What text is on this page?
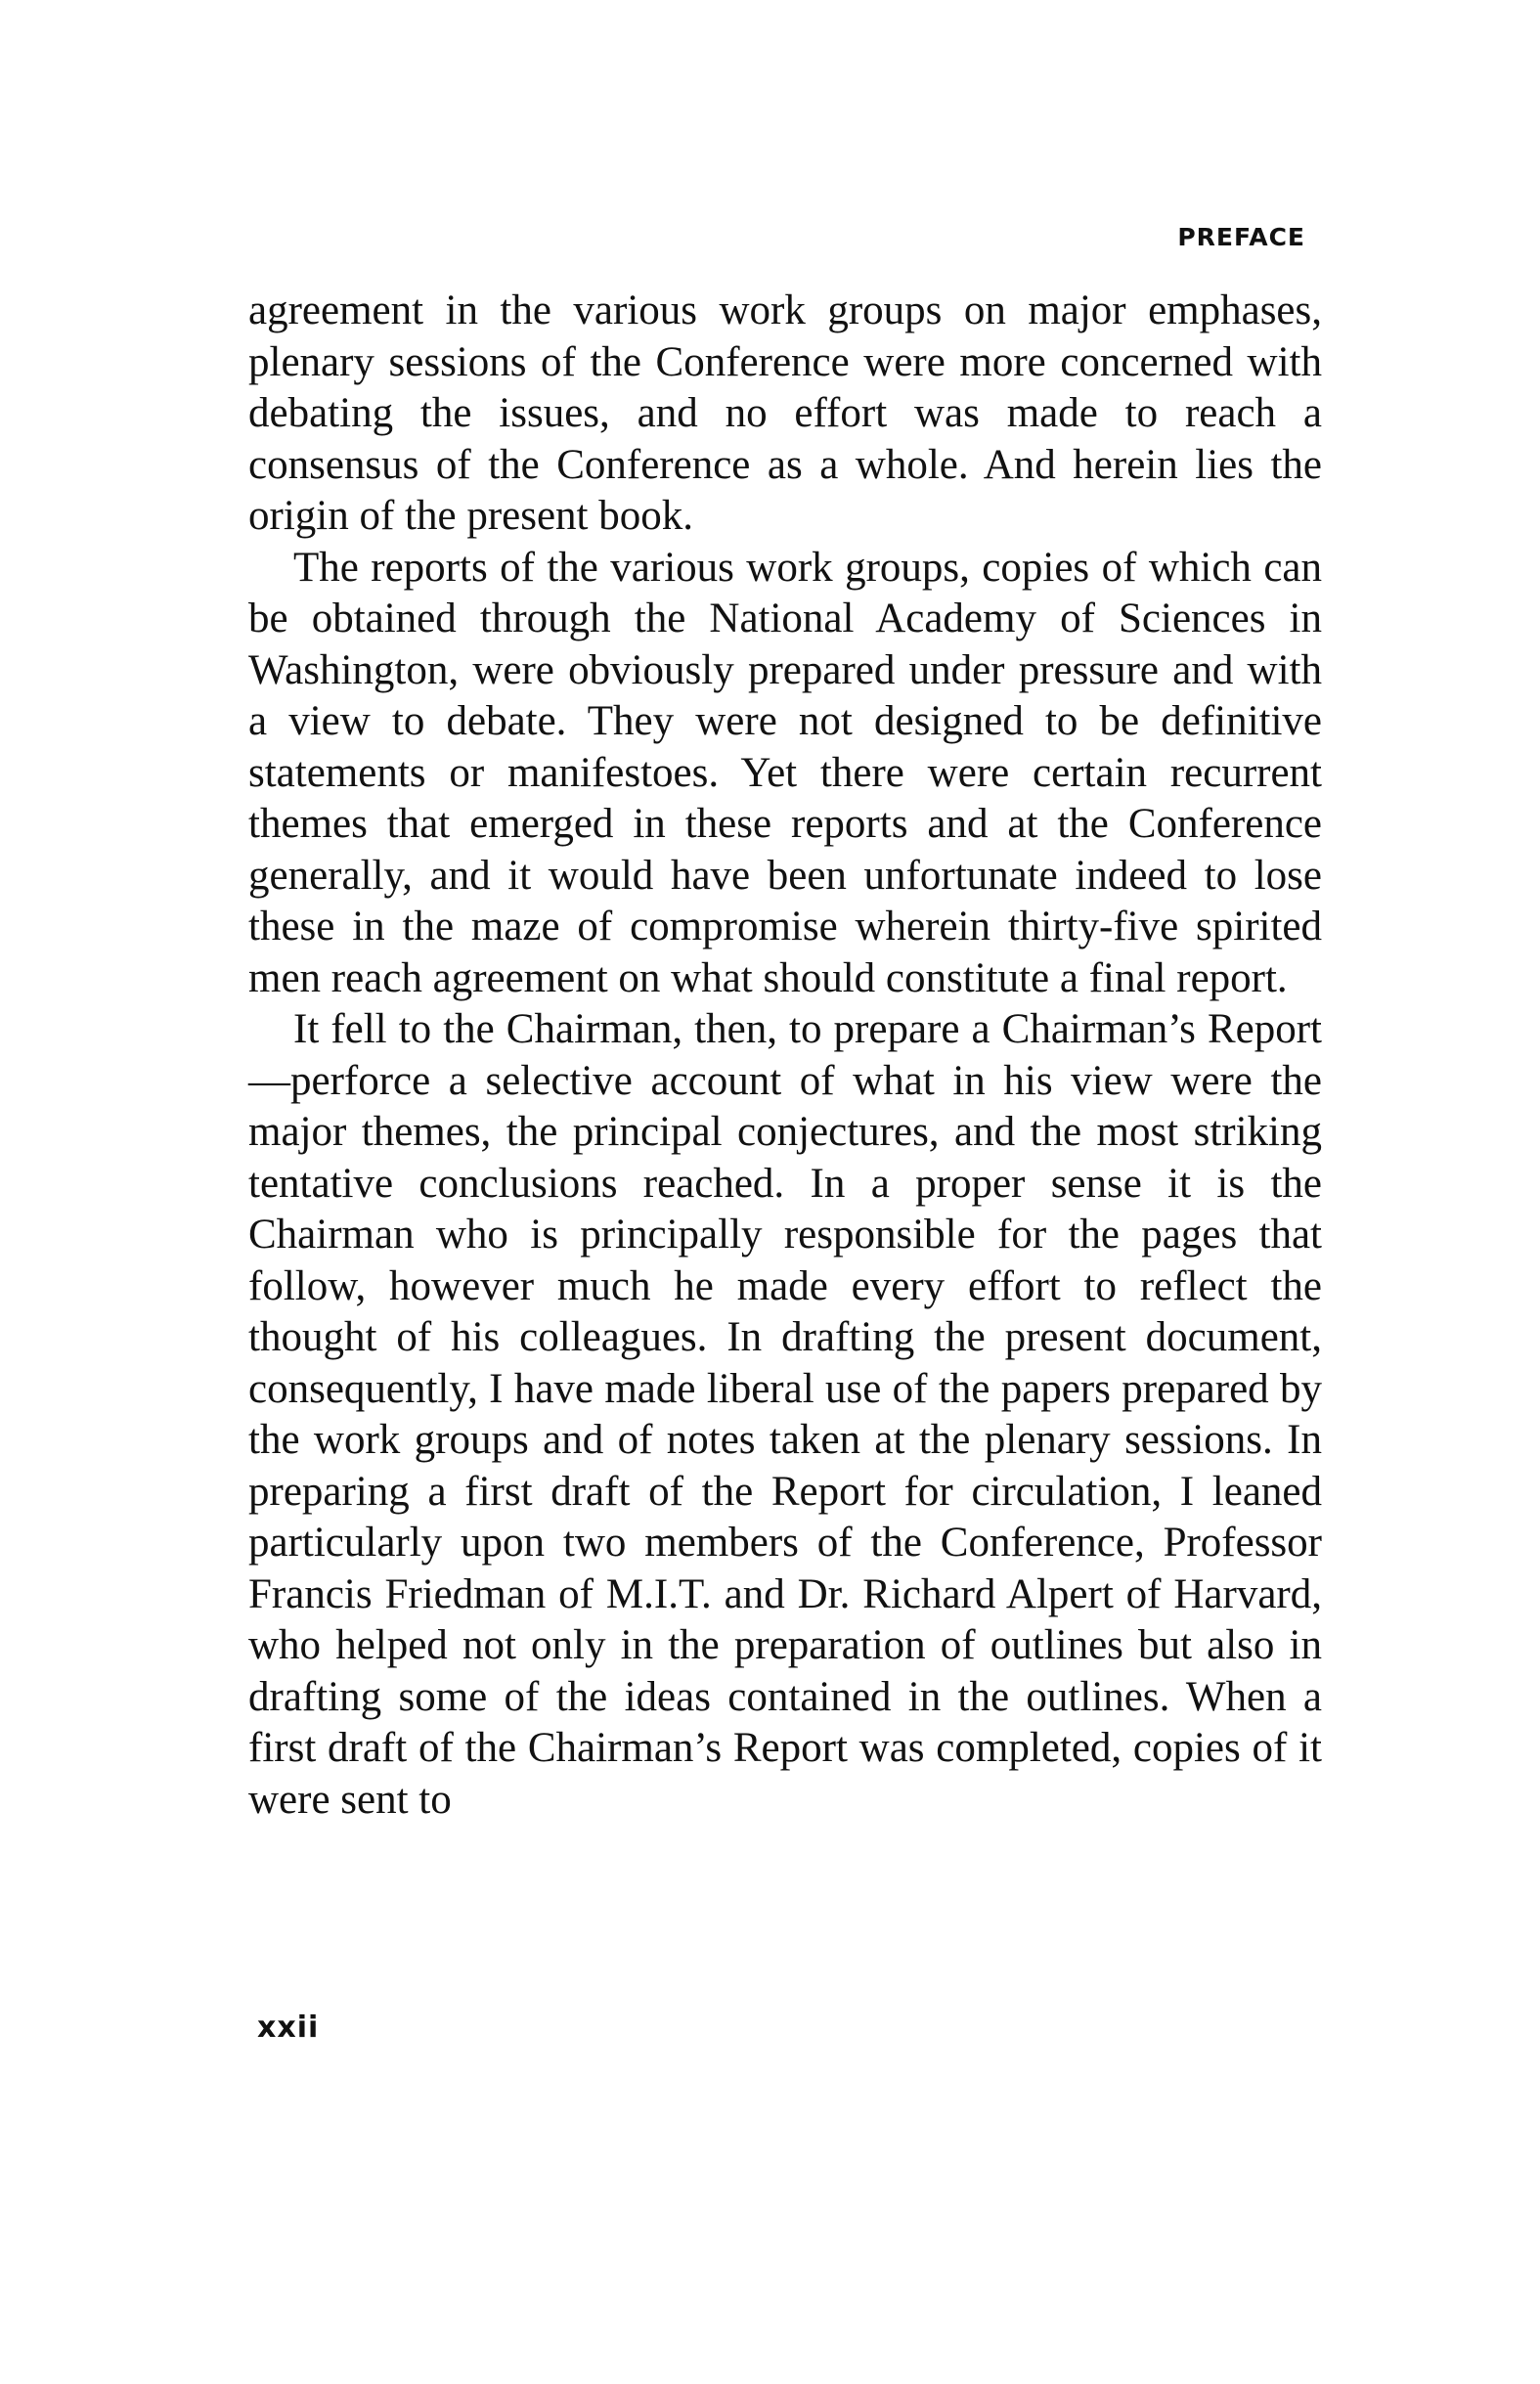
PREFACE

agreement in the various work groups on major emphases, plenary sessions of the Conference were more concerned with debating the issues, and no effort was made to reach a consensus of the Conference as a whole. And herein lies the origin of the present book.

The reports of the various work groups, copies of which can be obtained through the National Academy of Sciences in Washington, were obviously prepared under pressure and with a view to debate. They were not designed to be definitive statements or manifestoes. Yet there were certain recurrent themes that emerged in these reports and at the Conference generally, and it would have been unfortunate indeed to lose these in the maze of compromise wherein thirty-five spirited men reach agreement on what should constitute a final report.

It fell to the Chairman, then, to prepare a Chairman’s Report—perforce a selective account of what in his view were the major themes, the principal conjectures, and the most striking tentative conclusions reached. In a proper sense it is the Chairman who is principally responsible for the pages that follow, however much he made every effort to reflect the thought of his colleagues. In drafting the present document, consequently, I have made liberal use of the papers prepared by the work groups and of notes taken at the plenary sessions. In preparing a first draft of the Report for circulation, I leaned particularly upon two members of the Conference, Professor Francis Friedman of M.I.T. and Dr. Richard Alpert of Harvard, who helped not only in the preparation of outlines but also in drafting some of the ideas contained in the outlines. When a first draft of the Chairman’s Report was completed, copies of it were sent to

xxii
